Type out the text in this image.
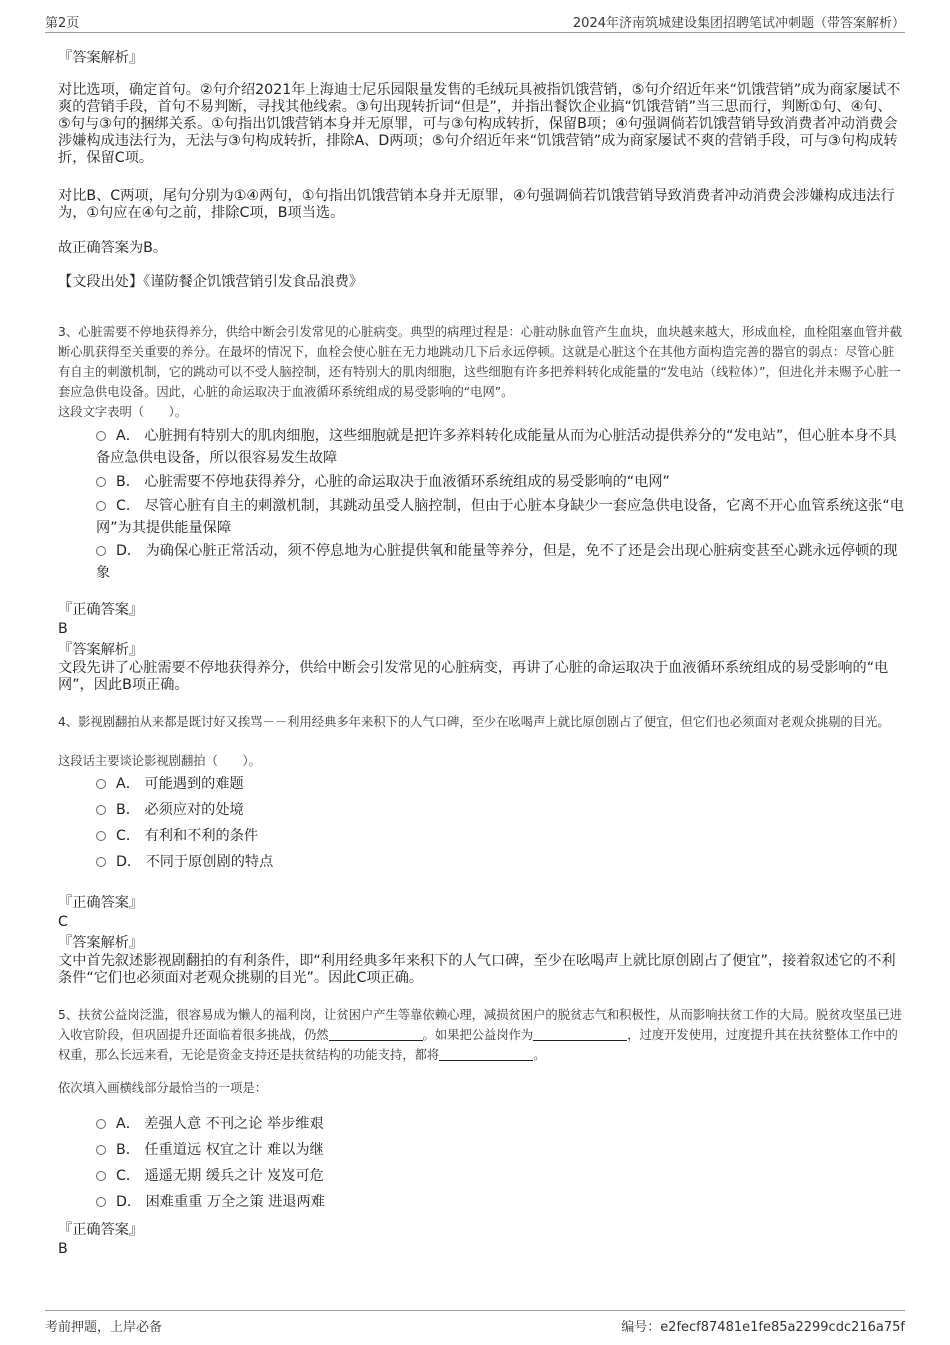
第2页	2024年济南筑城建设集团招聘笔试冲刺题（带答案解析）
『答案解析』
对比选项，确定首句。②句介绍2021年上海迪士尼乐园限量发售的毛绒玩具被指饥饿营销，⑤句介绍近年来“饥饿营销”成为商家屡试不爽的营销手段，首句不易判断，寻找其他线索。③句出现转折词“但是”，并指出餐饮企业搞“饥饿营销”当三思而行，判断①句、④句、⑤句与③句的捆绑关系。①句指出饥饿营销本身并无原罪，可与③句构成转折，保留B项；④句强调倘若饥饿营销导致消费者冲动消费会涉嫌构成违法行为，无法与③句构成转折，排除A、D两项；⑤句介绍近年来“饥饿营销”成为商家屡试不爽的营销手段，可与③句构成转折，保留C项。
对比B、C两项，尾句分别为①④两句，①句指出饥饿营销本身并无原罪，④句强调倘若饥饿营销导致消费者冲动消费会涉嫌构成违法行为，①句应在④句之前，排除C项，B项当选。
故正确答案为B。
【文段出处】《谨防餐企饥饿营销引发食品浪费》
3、心脏需要不停地获得养分，供给中断会引发常见的心脏病变。典型的病理过程是：心脏动脉血管产生血块，血块越来越大，形成血栓，血栓阻塞血管并截断心肌获得至关重要的养分。在最坏的情况下，血栓会使心脏在无力地跳动几下后永远停顿。这就是心脏这个在其他方面构造完善的器官的弱点：尽管心脏有自主的刺激机制，它的跳动可以不受人脑控制，还有特别大的肌肉细胞，这些细胞有许多把养料转化成能量的“发电站（线粒体）”，但进化并未赐予心脏一套应急供电设备。因此，心脏的命运取决于血液循环系统组成的易受影响的“电网”。
这段文字表明（　　）。
A． 心脏拥有特别大的肌肉细胞，这些细胞就是把许多养料转化成能量从而为心脏活动提供养分的“发电站”，但心脏本身不具备应急供电设备，所以很容易发生故障
B． 心脏需要不停地获得养分，心脏的命运取决于血液循环系统组成的易受影响的“电网”
C． 尽管心脏有自主的刺激机制，其跳动虽受人脑控制，但由于心脏本身缺少一套应急供电设备，它离不开心血管系统这张“电网”为其提供能量保障
D． 为确保心脏正常活动，须不停息地为心脏提供氧和能量等养分，但是，免不了还是会出现心脏病变甚至心跳永远停顿的现象
『正确答案』
B
『答案解析』
文段先讲了心脏需要不停地获得养分，供给中断会引发常见的心脏病变，再讲了心脏的命运取决于血液循环系统组成的易受影响的“电网”，因此B项正确。
4、影视剧翻拍从来都是既讨好又挨骂－－利用经典多年来积下的人气口碑，至少在吆喝声上就比原创剧占了便宜，但它们也必须面对老观众挑剔的目光。
这段话主要谈论影视剧翻拍（　　）。
A． 可能遇到的难题
B． 必须应对的处境
C． 有利和不利的条件
D． 不同于原创剧的特点
『正确答案』
C
『答案解析』
文中首先叙述影视剧翻拍的有利条件，即“利用经典多年来积下的人气口碑，至少在吆喝声上就比原创剧占了便宜”，接着叙述它的不利条件“它们也必须面对老观众挑剔的目光”。因此C项正确。
5、扶贫公益岗泛滥，很容易成为懒人的福利岗，让贫困户产生等靠依赖心理，减损贫困户的脱贫志气和积极性，从而影响扶贫工作的大局。脱贫攻坚虽已进入收官阶段，但巩固提升还面临着很多挑战，仍然	。如果把公益岗作为	，过度开发使用，过度提升其在扶贫整体工作中的权重，那么长远来看，无论是资金支持还是扶贫结构的功能支持，都将	。
依次填入画横线部分最恰当的一项是：
A． 差强人意 不刊之论 举步维艰
B． 任重道远 权宜之计 难以为继
C． 遥遥无期 缓兵之计 岌岌可危
D． 困难重重 万全之策 进退两难
『正确答案』
B
考前押题，上岸必备	编号：e2fecf87481e1fe85a2299cdc216a75f
